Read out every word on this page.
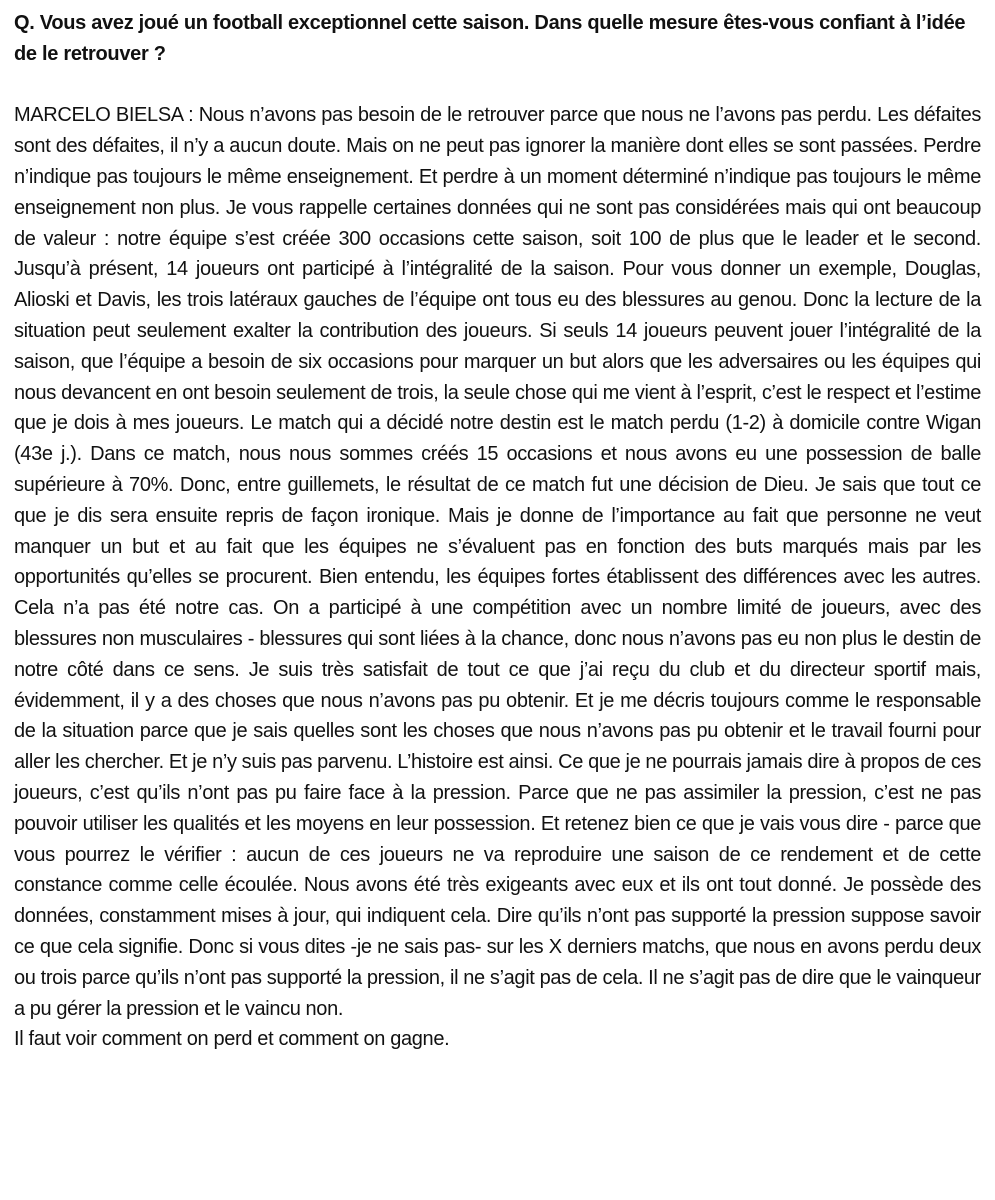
Q. Vous avez joué un football exceptionnel cette saison. Dans quelle mesure êtes-vous confiant à l’idée de le retrouver ?

MARCELO BIELSA : Nous n’avons pas besoin de le retrouver parce que nous ne l’avons pas perdu. Les défaites sont des défaites, il n’y a aucun doute. Mais on ne peut pas ignorer la manière dont elles se sont passées. Perdre n’indique pas toujours le même enseignement. Et perdre à un moment déterminé n’indique pas toujours le même enseignement non plus. Je vous rappelle certaines données qui ne sont pas considérées mais qui ont beaucoup de valeur : notre équipe s’est créée 300 occasions cette saison, soit 100 de plus que le leader et le second. Jusqu’à présent, 14 joueurs ont participé à l’intégralité de la saison. Pour vous donner un exemple, Douglas, Alioski et Davis, les trois latéraux gauches de l’équipe ont tous eu des blessures au genou. Donc la lecture de la situation peut seulement exalter la contribution des joueurs. Si seuls 14 joueurs peuvent jouer l’intégralité de la saison, que l’équipe a besoin de six occasions pour marquer un but alors que les adversaires ou les équipes qui nous devancent en ont besoin seulement de trois, la seule chose qui me vient à l’esprit, c’est le respect et l’estime que je dois à mes joueurs. Le match qui a décidé notre destin est le match perdu (1-2) à domicile contre Wigan (43e j.). Dans ce match, nous nous sommes créés 15 occasions et nous avons eu une possession de balle supérieure à 70%. Donc, entre guillemets, le résultat de ce match fut une décision de Dieu. Je sais que tout ce que je dis sera ensuite repris de façon ironique. Mais je donne de l’importance au fait que personne ne veut manquer un but et au fait que les équipes ne s’évaluent pas en fonction des buts marqués mais par les opportunités qu’elles se procurent. Bien entendu, les équipes fortes établissent des différences avec les autres. Cela n’a pas été notre cas. On a participé à une compétition avec un nombre limité de joueurs, avec des blessures non musculaires - blessures qui sont liées à la chance, donc nous n’avons pas eu non plus le destin de notre côté dans ce sens. Je suis très satisfait de tout ce que j’ai reçu du club et du directeur sportif mais, évidemment, il y a des choses que nous n’avons pas pu obtenir. Et je me décris toujours comme le responsable de la situation parce que je sais quelles sont les choses que nous n’avons pas pu obtenir et le travail fourni pour aller les chercher. Et je n’y suis pas parvenu. L’histoire est ainsi. Ce que je ne pourrais jamais dire à propos de ces joueurs, c’est qu’ils n’ont pas pu faire face à la pression. Parce que ne pas assimiler la pression, c’est ne pas pouvoir utiliser les qualités et les moyens en leur possession. Et retenez bien ce que je vais vous dire - parce que vous pourrez le vérifier : aucun de ces joueurs ne va reproduire une saison de ce rendement et de cette constance comme celle écoulée. Nous avons été très exigeants avec eux et ils ont tout donné. Je possède des données, constamment mises à jour, qui indiquent cela. Dire qu’ils n’ont pas supporté la pression suppose savoir ce que cela signifie. Donc si vous dites -je ne sais pas- sur les X derniers matchs, que nous en avons perdu deux ou trois parce qu’ils n’ont pas supporté la pression, il ne s’agit pas de cela. Il ne s’agit pas de dire que le vainqueur a pu gérer la pression et le vaincu non.

Il faut voir comment on perd et comment on gagne.
